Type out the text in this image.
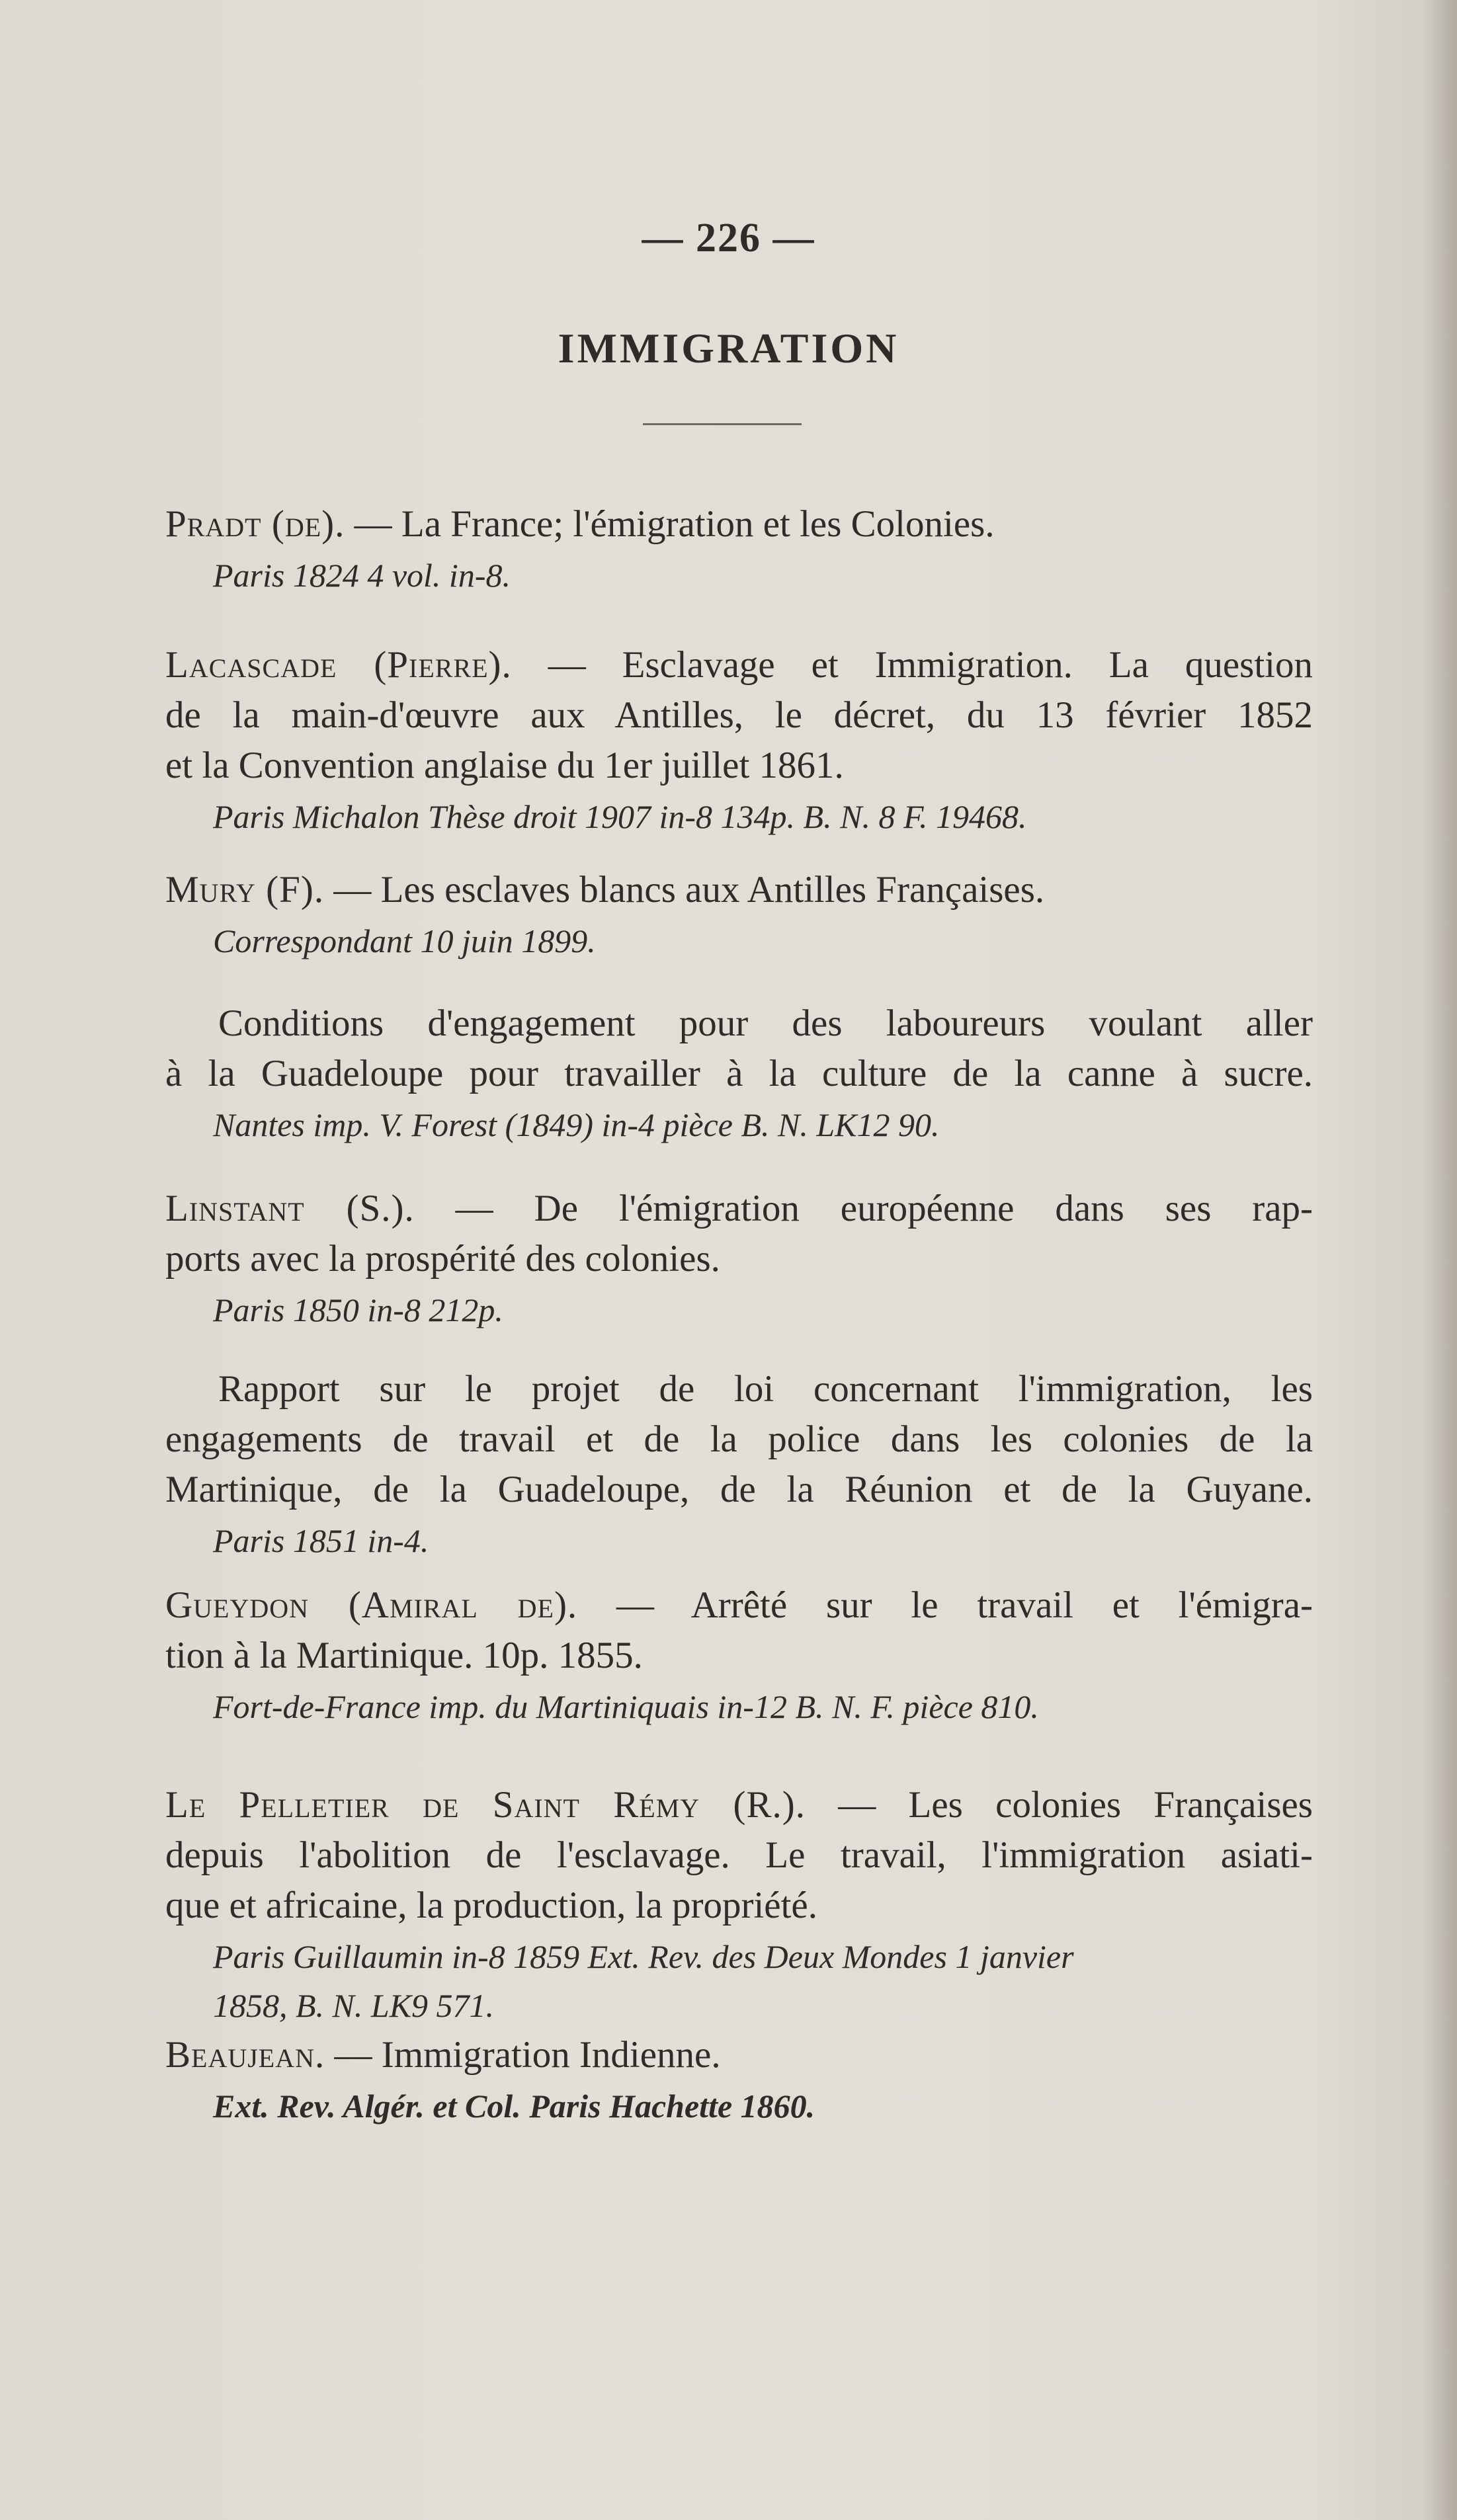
— 226 —
IMMIGRATION
Pradt (de). — La France; l'émigration et les Colonies.
Paris 1824 4 vol. in-8.
Lacascade (Pierre). — Esclavage et Immigration. La question
de la main-d'œuvre aux Antilles, le décret, du 13 février 1852
et la Convention anglaise du 1er juillet 1861.
Paris Michalon Thèse droit 1907 in-8 134p. B. N. 8 F. 19468.
Mury (F). — Les esclaves blancs aux Antilles Françaises.
Correspondant 10 juin 1899.
Conditions d'engagement pour des laboureurs voulant aller
à la Guadeloupe pour travailler à la culture de la canne à sucre.
Nantes imp. V. Forest (1849) in-4 pièce B. N. LK12 90.
Linstant (S.). — De l'émigration européenne dans ses rap-
ports avec la prospérité des colonies.
Paris 1850 in-8 212p.
Rapport sur le projet de loi concernant l'immigration, les
engagements de travail et de la police dans les colonies de la
Martinique, de la Guadeloupe, de la Réunion et de la Guyane.
Paris 1851 in-4.
Gueydon (Amiral de). — Arrêté sur le travail et l'émigra-
tion à la Martinique. 10p. 1855.
Fort-de-France imp. du Martiniquais in-12 B. N. F. pièce 810.
Le Pelletier de Saint Rémy (R.). — Les colonies Françaises
depuis l'abolition de l'esclavage. Le travail, l'immigration asiati-
que et africaine, la production, la propriété.
Paris Guillaumin in-8 1859 Ext. Rev. des Deux Mondes 1 janvier
1858, B. N. LK9 571.
Beaujean. — Immigration Indienne.
Ext. Rev. Algér. et Col. Paris Hachette 1860.
